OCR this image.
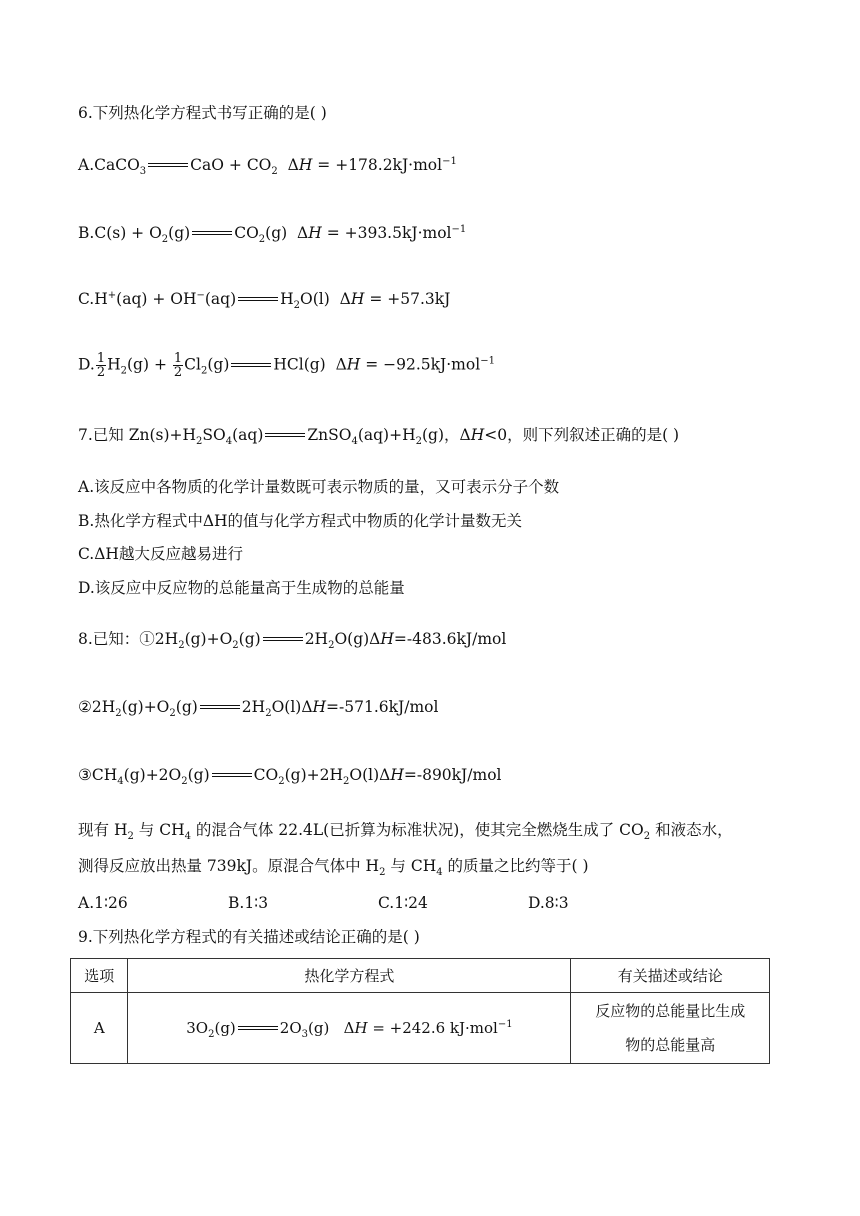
6.下列热化学方程式书写正确的是( )
A.CaCO$_3$	CaO + $CO_2$  ΔH = +178.2kJ·mol$^{-1}$
$B.C(s) + O_2(g)$	$CO_2(g) \Delta H = +393.5kJ\cdot mol^{-1}$
C.H+(aq) + OH−(aq)	$H_2O(l) \Delta H = +57.3kJ$
D. $\frac{1}{2} H_2(g) + \frac{1}{2} Cl_2(g)$	HCl(g)  ΔH = −92.5kJ·mol$^{-1}$
7.已知 $Zn(s)+H_2SO_4(aq)$	$ZnSO_4(aq)+H_2(g)$，ΔH<0，则下列叙述正确的是( )
A.该反应中各物质的化学计量数既可表示物质的量，又可表示分子个数
B.热化学方程式中ΔH的值与化学方程式中物质的化学计量数无关
C.ΔH越大反应越易进行
D.该反应中反应物的总能量高于生成物的总能量
8.已知：$①2H_2(g)+O_2(g)$	$2H_2O(g)\Delta H=-483.6kJ$/mol
$②2H_2(g)+O_2(g)$	$2H_2O(l)\Delta H=-571.6kJ$/mol
$③CH_4(g)+2O_2(g)$	$CO_2(g)+2H_2O(l)\Delta H=-890kJ$/mol
现有 $H_2$ 与 $CH_4$ 的混合气体 22.4L(已折算为标准状况)，使其完全燃烧生成了 $CO_2$ 和液态水，
测得反应放出热量 739kJ。原混合气体中 $H_2$ 与 $CH_4$ 的质量之比约等于( )
A.1∶26	B.1∶3	C.1∶24	D.8∶3
9.下列热化学方程式的有关描述或结论正确的是( )
选项	热化学方程式	有关描述或结论
A	$3O_2(g)$ $2O_3(g) \Delta H = +242.6$ kJ·mol$^{-1}$	反应物的总能量比生成
物的总能量高
